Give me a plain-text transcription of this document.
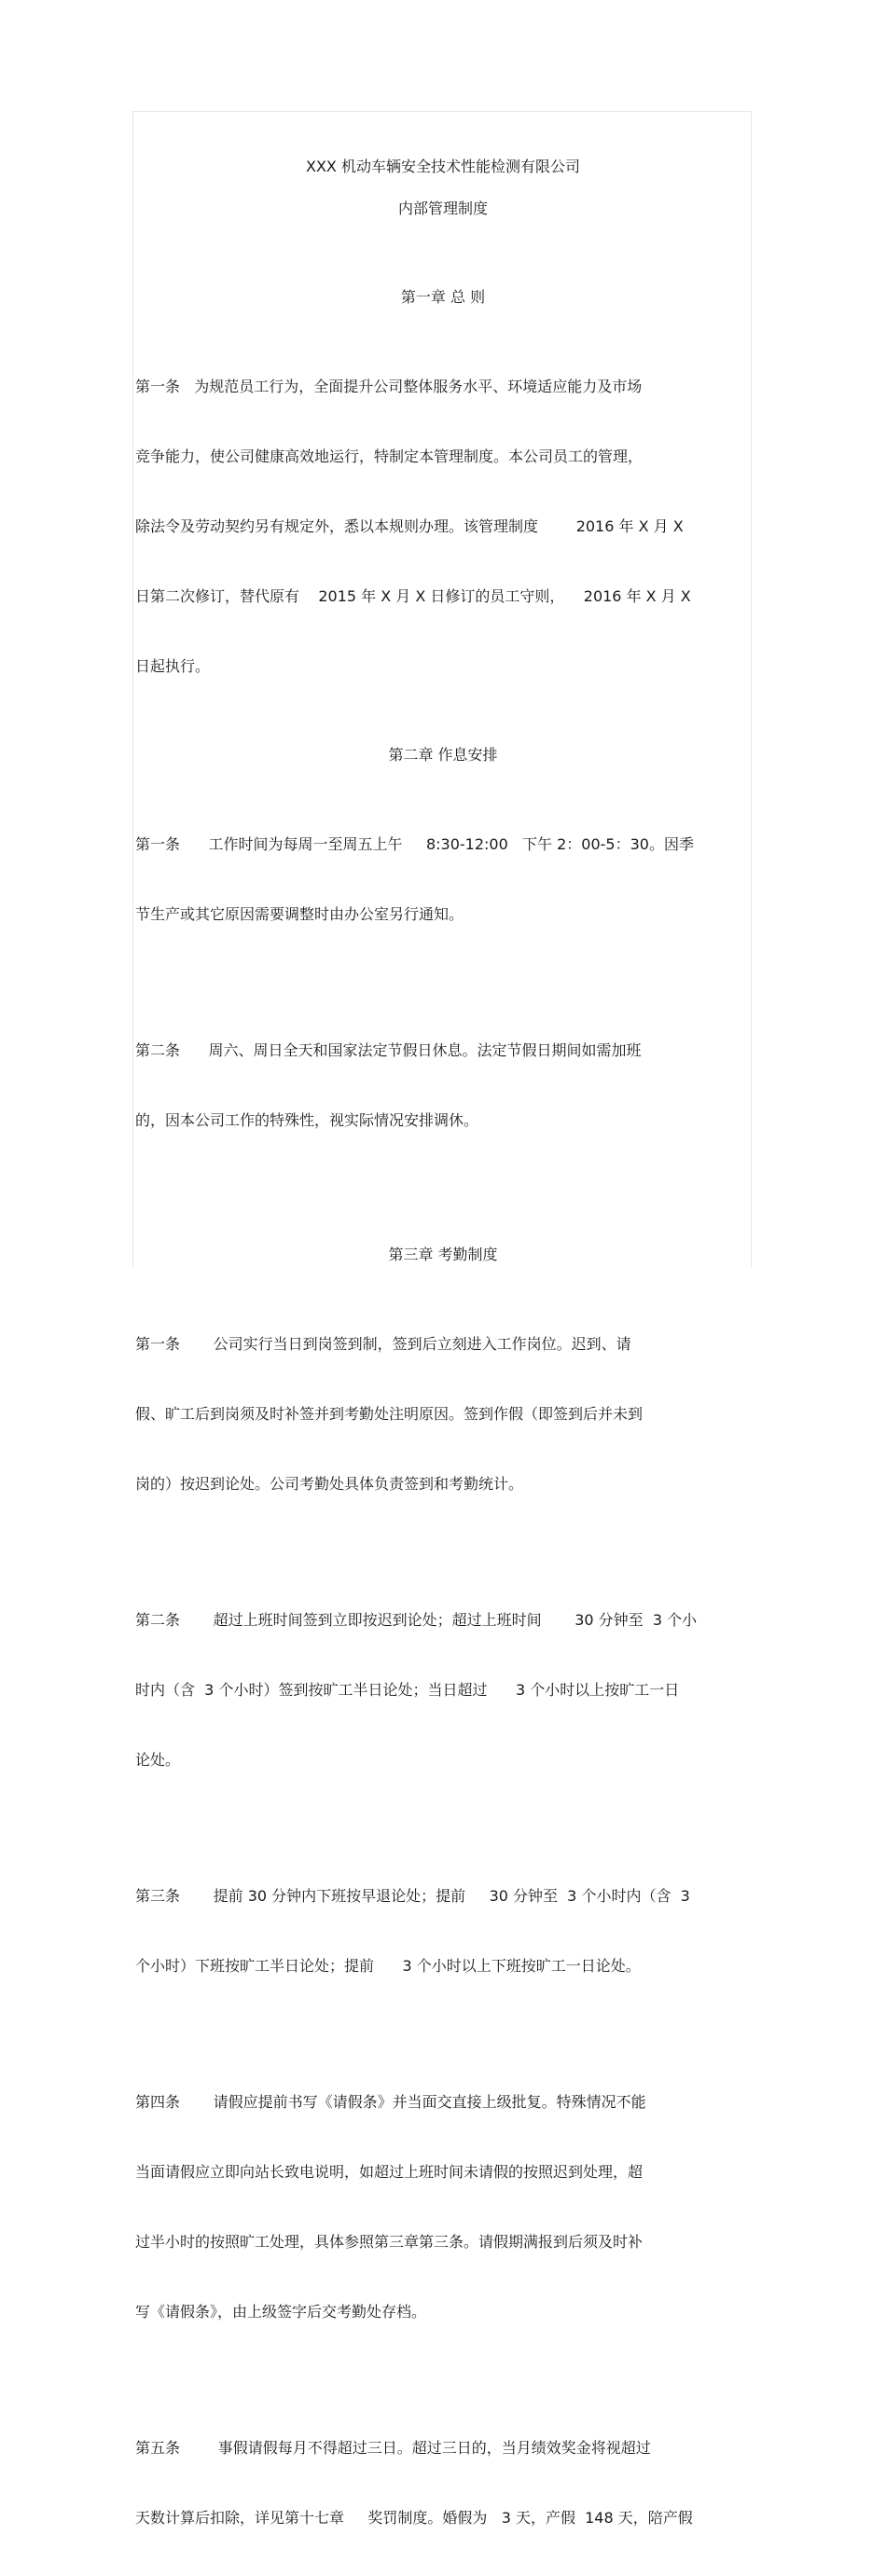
XXX 机动车辆安全技术性能检测有限公司
内部管理制度
第一章 总 则

第一条   为规范员工行为，全面提升公司整体服务水平、环境适应能力及市场

竞争能力，使公司健康高效地运行，特制定本管理制度。本公司员工的管理，

除法令及劳动契约另有规定外，悉以本规则办理。该管理制度        2016 年 X 月 X

日第二次修订，替代原有    2015 年 X 月 X 日修订的员工守则，    2016 年 X 月 X

日起执行。

第二章 作息安排

第一条      工作时间为每周一至周五上午     8:30-12:00   下午 2：00-5：30。因季

节生产或其它原因需要调整时由办公室另行通知。

第二条      周六、周日全天和国家法定节假日休息。法定节假日期间如需加班

的，因本公司工作的特殊性，视实际情况安排调休。

第三章 考勤制度

第一条       公司实行当日到岗签到制，签到后立刻进入工作岗位。迟到、请

假、旷工后到岗须及时补签并到考勤处注明原因。签到作假（即签到后并未到

岗的）按迟到论处。公司考勤处具体负责签到和考勤统计。

第二条       超过上班时间签到立即按迟到论处；超过上班时间       30 分钟至  3 个小

时内（含  3 个小时）签到按旷工半日论处；当日超过      3 个小时以上按旷工一日

论处。

第三条       提前 30 分钟内下班按早退论处；提前     30 分钟至  3 个小时内（含  3

个小时）下班按旷工半日论处；提前      3 个小时以上下班按旷工一日论处。

第四条       请假应提前书写《请假条》并当面交直接上级批复。特殊情况不能

当面请假应立即向站长致电说明，如超过上班时间未请假的按照迟到处理，超

过半小时的按照旷工处理，具体参照第三章第三条。请假期满报到后须及时补

写《请假条》，由上级签字后交考勤处存档。

第五条        事假请假每月不得超过三日。超过三日的，当月绩效奖金将视超过

天数计算后扣除，详见第十七章     奖罚制度。婚假为   3 天，产假  148 天，陪产假
